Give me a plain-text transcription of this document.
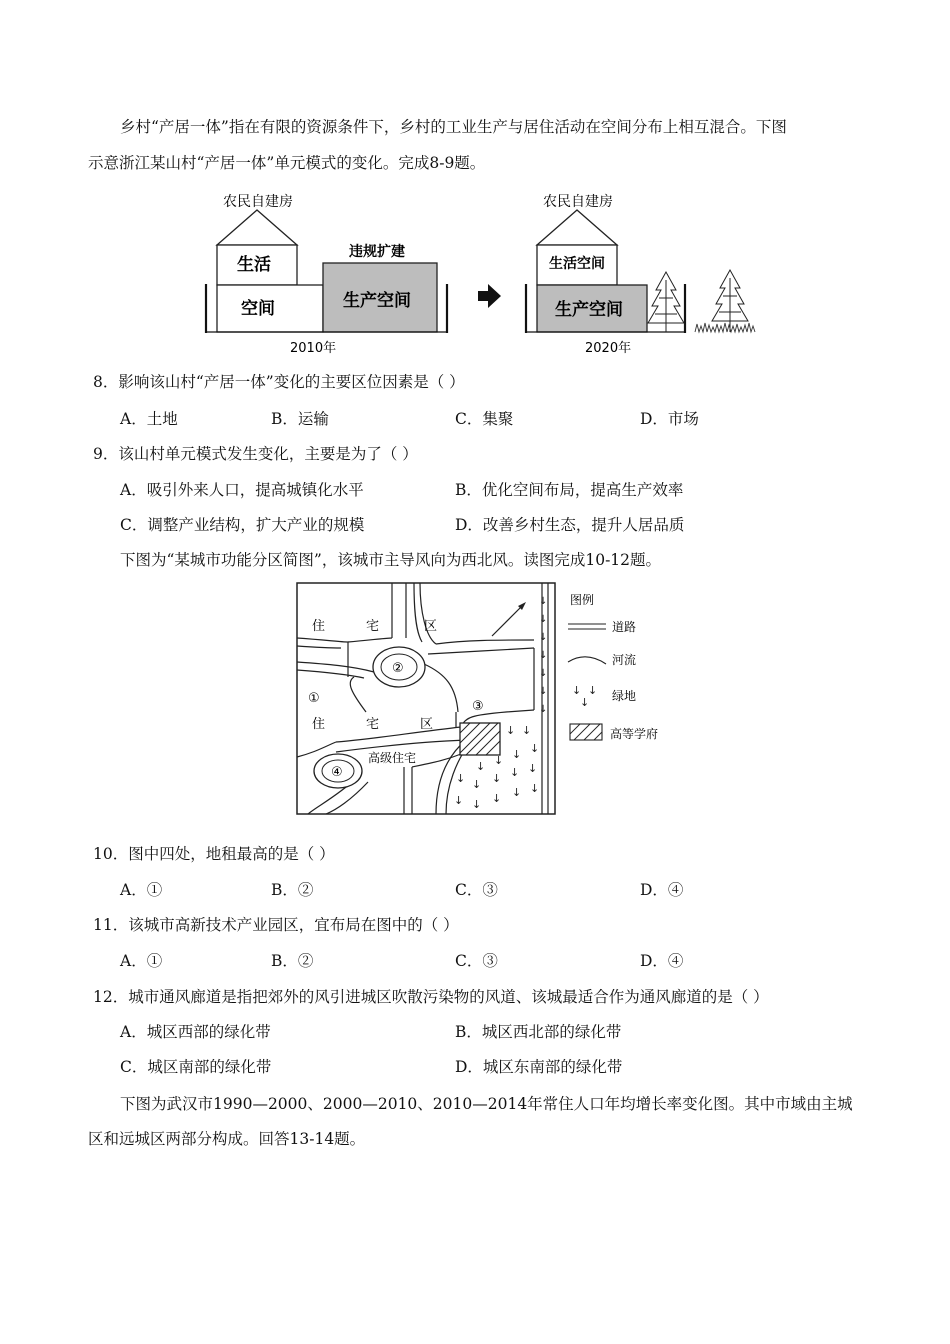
乡村“产居一体”指在有限的资源条件下，乡村的工业生产与居住活动在空间分布上相互混合。下图
示意浙江某山村“产居一体”单元模式的变化。完成8-9题。
农民自建房
生活
空间
违规扩建
生产空间
2010年
农民自建房
生活空间
生产空间
2020年
8．影响该山村“产居一体”变化的主要区位因素是（ ）
A．土地	B．运输	C．集聚	D．市场
9．该山村单元模式发生变化，主要是为了（ ）
A．吸引外来人口，提高城镇化水平	B．优化空间布局，提高生产效率
C．调整产业结构，扩大产业的规模	D．改善乡村生态，提升人居品质
下图为“某城市功能分区简图”，该城市主导风向为西北风。读图完成10-12题。
↓
↓
↓
↓
↓
↓
↓
↓ ↓
↓ ↓ ↓ ↓
↓ ↓ ↓ ↓ ↓
↓ ↓ ↓ ↓ ↓
住	宅	区
②
①
③
住	宅	区
高级住宅
④
图例
道路
河流
↓ ↓
↓ 绿地
高等学府
10．图中四处，地租最高的是（ ）
A．①	B．②	C．③	D．④
11．该城市高新技术产业园区，宜布局在图中的（ ）
A．①	B．②	C．③	D．④
12．城市通风廊道是指把郊外的风引进城区吹散污染物的风道、该城最适合作为通风廊道的是（ ）
A．城区西部的绿化带	B．城区西北部的绿化带
C．城区南部的绿化带	D．城区东南部的绿化带
下图为武汉市1990—2000、2000—2010、2010—2014年常住人口年均增长率变化图。其中市域由主城
区和远城区两部分构成。回答13-14题。
